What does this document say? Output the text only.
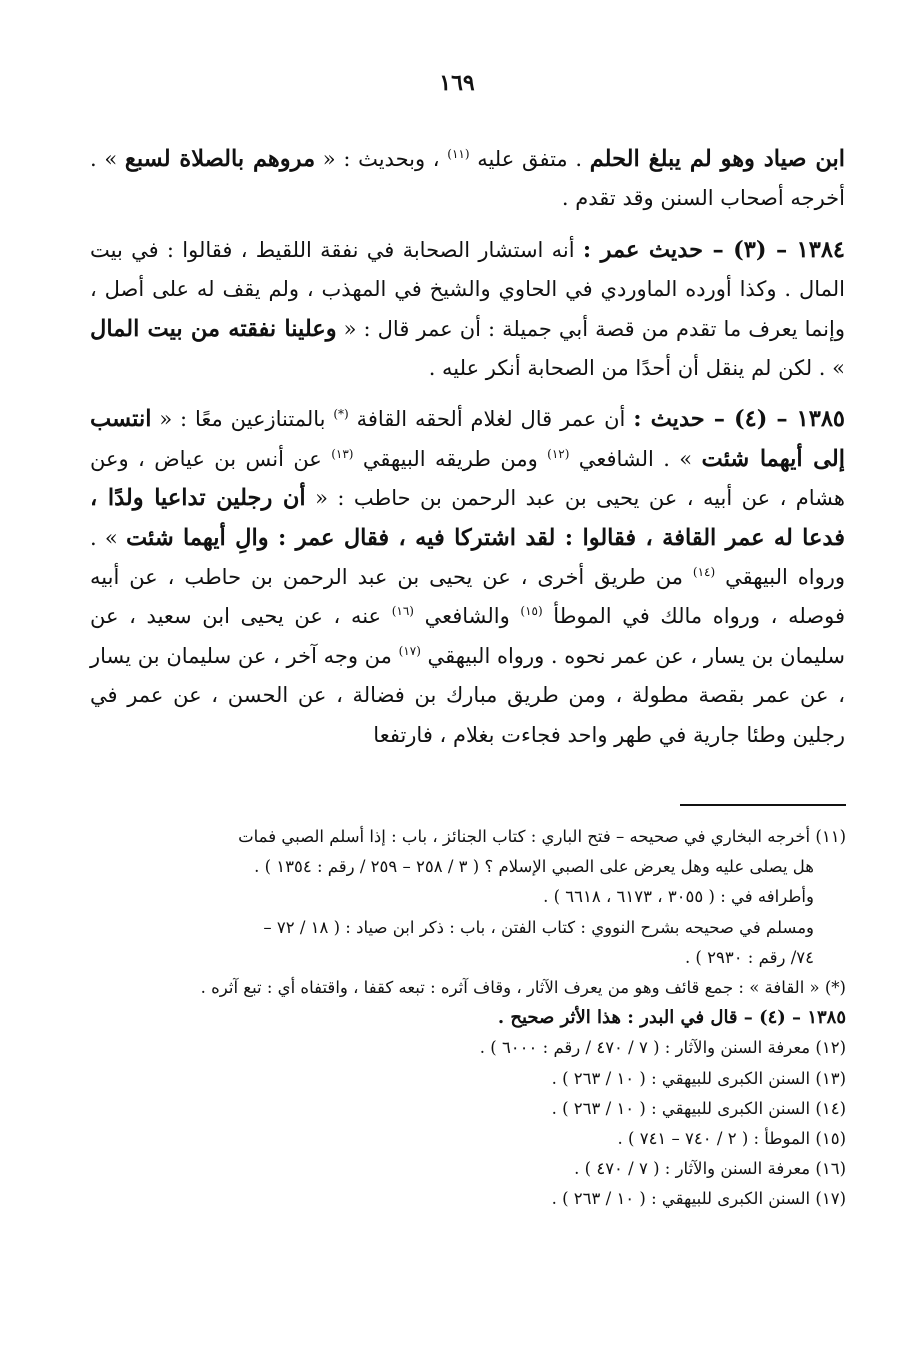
١٦٩

ابن صياد وهو لم يبلغ الحلم . متفق عليه $^{(١١)}$ ، وبحديث : « مروهم بالصلاة لسبع » . أخرجه أصحاب السنن وقد تقدم .

١٣٨٤ – (٣) – حديث عمر : أنه استشار الصحابة في نفقة اللقيط ، فقالوا : في بيت المال . وكذا أورده الماوردي في الحاوي والشيخ في المهذب ، ولم يقف له على أصل ، وإنما يعرف ما تقدم من قصة أبي جميلة : أن عمر قال : « وعلينا نفقته من بيت المال » . لكن لم ينقل أن أحدًا من الصحابة أنكر عليه .

١٣٨٥ – (٤) – حديث : أن عمر قال لغلام ألحقه القافة (*) بالمتنازعين معًا : « انتسب إلى أيهما شئت » . الشافعي $^{(١٢)}$ ومن طريقه البيهقي $^{(١٣)}$ عن أنس بن عياض ، وعن هشام ، عن أبيه ، عن يحيى بن عبد الرحمن بن حاطب : « أن رجلين تداعيا ولدًا ، فدعا له عمر القافة ، فقالوا : لقد اشتركا فيه ، فقال عمر : والِ أيهما شئت » . ورواه البيهقي $^{(١٤)}$ من طريق أخرى ، عن يحيى بن عبد الرحمن بن حاطب ، عن أبيه فوصله ، ورواه مالك في الموطأ $^{(١٥)}$ والشافعي $^{(١٦)}$ عنه ، عن يحيى ابن سعيد ، عن سليمان بن يسار ، عن عمر نحوه . ورواه البيهقي $^{(١٧)}$ من وجه آخر ، عن سليمان بن يسار ، عن عمر بقصة مطولة ، ومن طريق مبارك بن فضالة ، عن الحسن ، عن عمر في رجلين وطئا جارية في طهر واحد فجاءت بغلام ، فارتفعا

(١١) أخرجه البخاري في صحيحه – فتح الباري : كتاب الجنائز ، باب : إذا أسلم الصبي فمات

هل يصلى عليه وهل يعرض على الصبي الإسلام ؟ ( ٣ / ٢٥٨ – ٢٥٩ / رقم : ١٣٥٤ ) .

وأطرافه في : ( ٣٠٥٥ ، ٦١٧٣ ، ٦٦١٨ ) .

ومسلم في صحيحه بشرح النووي : كتاب الفتن ، باب : ذكر ابن صياد : ( ١٨ / ٧٢ –

٧٤/ رقم : ٢٩٣٠ ) .

(*) « القافة » : جمع قائف وهو من يعرف الآثار ، وقاف آثره : تبعه كقفا ، واقتفاه أي : تبع آثره .

١٣٨٥ – (٤) – قال في البدر : هذا الأثر صحيح .

(١٢) معرفة السنن والآثار : ( ٧ / ٤٧٠ / رقم : ٦٠٠٠ ) .

(١٣) السنن الكبرى للبيهقي : ( ١٠ / ٢٦٣ ) .

(١٤) السنن الكبرى للبيهقي : ( ١٠ / ٢٦٣ ) .

(١٥) الموطأ : ( ٢ / ٧٤٠ – ٧٤١ ) .

(١٦) معرفة السنن والآثار : ( ٧ / ٤٧٠ ) .

(١٧) السنن الكبرى للبيهقي : ( ١٠ / ٢٦٣ ) .
